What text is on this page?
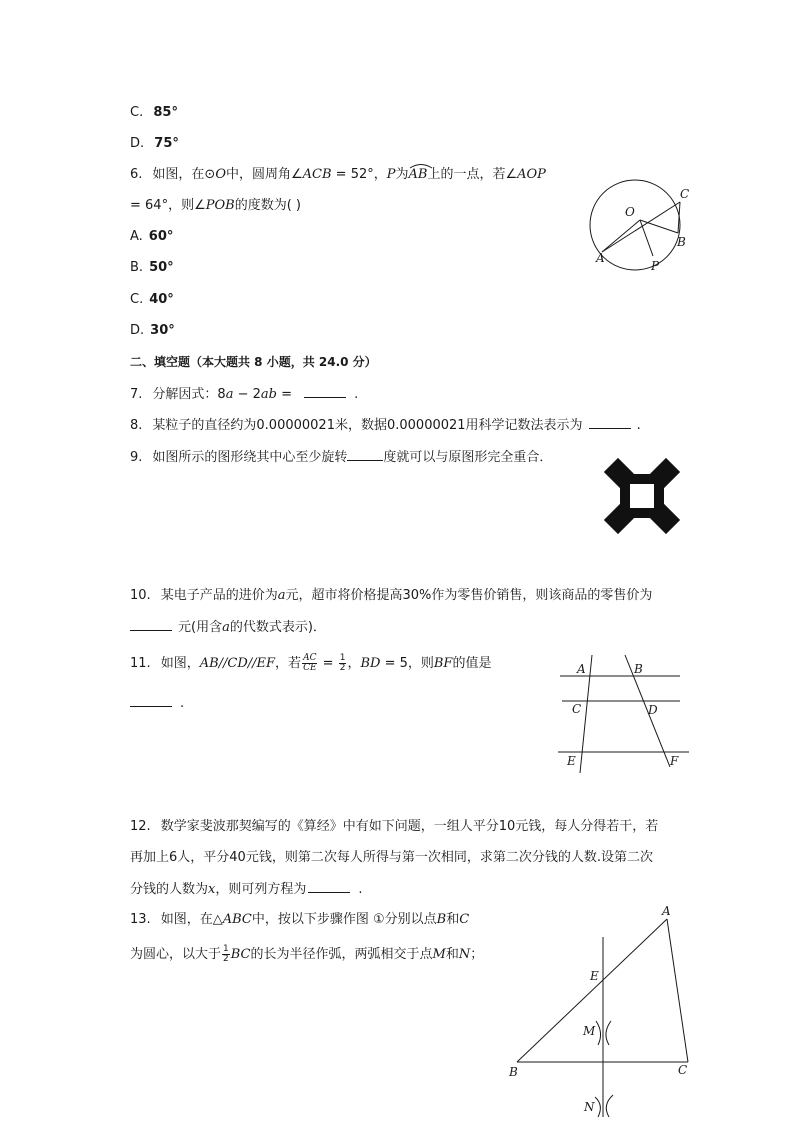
C. 85°
D. 75°
6. 如图，在⊙O中，圆周角∠ACB = 52°，P为AB
上的一点，若∠AOP
= 64°，则∠POB的度数为( )
A. 60°
B. 50°
C. 40°
D. 30°
O
C
B
A
P
二、填空题（本大题共 8 小题，共 24.0 分）
7. 分解因式：8a − 2ab =	.
8. 某粒子的直径约为0.00000021米，数据0.00000021用科学记数法表示为	.
9. 如图所示的图形绕其中心至少旋转	度就可以与原图形完全重合．
10. 某电子产品的进价为a元，超市将价格提高30%作为零售价销售，则该商品的零售价为
元(用含a的代数式表示)．
11. 如图，AB//CD//EF，若 $\frac{AC}{CE} = \frac{1}{2}$ ，BD = 5，则BF的值是
.
A	B
C	D
E	F
12. 数学家斐波那契编写的《算经》中有如下问题，一组人平分10元钱，每人分得若干，若
再加上6人，平分40元钱，则第二次每人所得与第一次相同，求第二次分钱的人数.设第二次
分钱的人数为x，则可列方程为	.
13. 如图，在△ABC中，按以下步骤作图 ①分别以点B和C
为圆心，以大于 $\frac{1}{2}$ BC的长为半径作弧，两弧相交于点M和N；
A
E
M
B	C
N
